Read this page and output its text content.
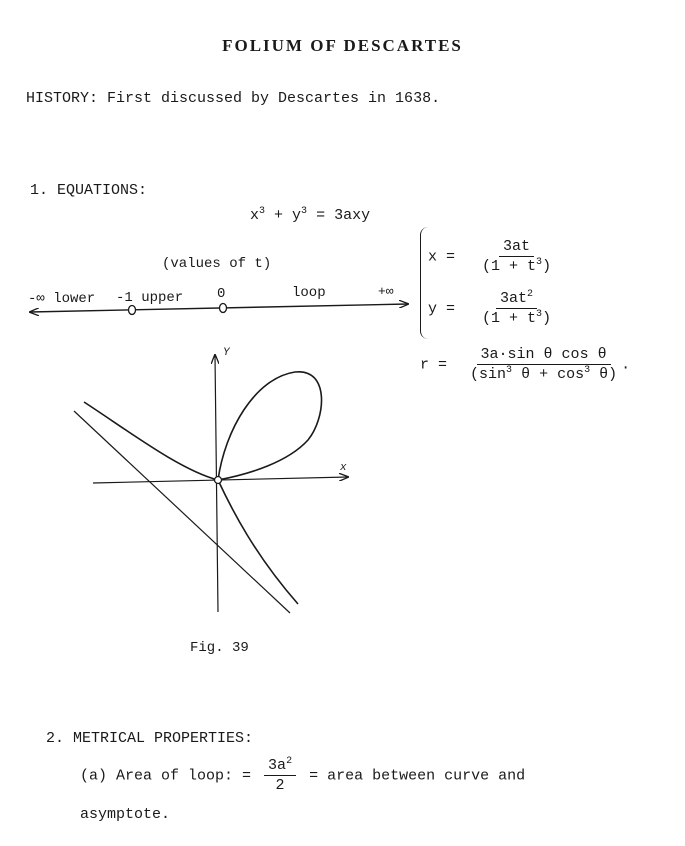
FOLIUM OF DESCARTES
HISTORY: First discussed by Descartes in 1638.
1. EQUATIONS:
$x^3 + y^3 = 3axy$
(values of t)
-∞ lower -1 upper 0	loop	+∞
$x = \frac{3at}{(1 + t^3)}$
$y = \frac{3at^2}{(1 + t^3)}$
$r = \frac{\text{3a·sin θ cos θ}}{(\sin^3 \theta + \cos^3 \theta)}$ .
Y
x
Fig. 39
2. METRICAL PROPERTIES:
(a) Area of loop: = $\frac{3a^2}{2}$ = area between curve and
asymptote.
